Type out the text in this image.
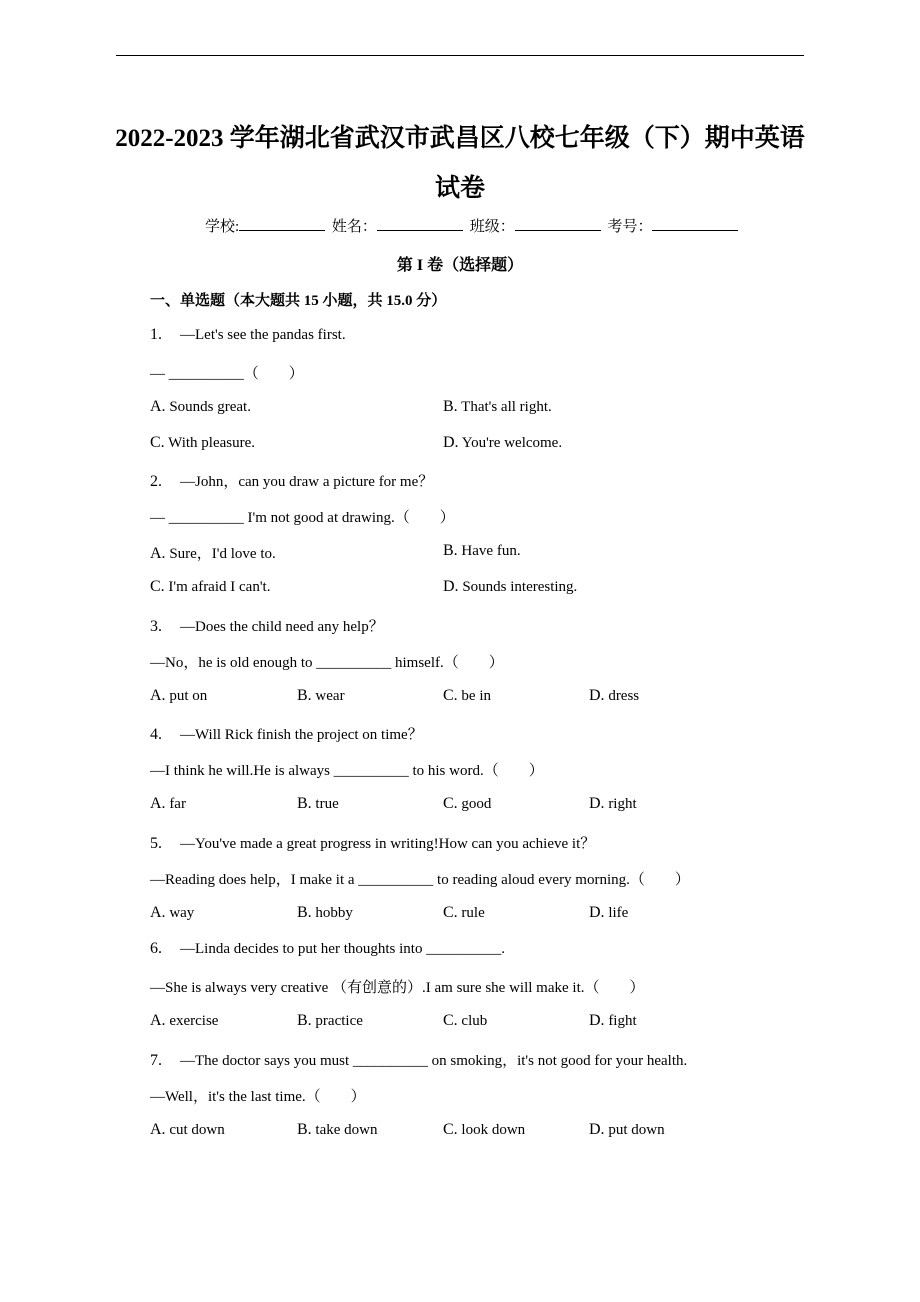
2022-2023 学年湖北省武汉市武昌区八校七年级（下）期中英语
试卷
学校:	姓名：	班级：	考号：
第 I 卷（选择题）
一、单选题（本大题共 15 小题，共 15.0 分）
1. —Let's see the pandas first.
— __________（　　）
A. Sounds great.	B. That's all right.
C. With pleasure.	D. You're welcome.
2. —John，can you draw a picture for me？
— __________ I'm not good at drawing.（　　）
A. Sure，I'd love to.	B. Have fun.
C. I'm afraid I can't.	D. Sounds interesting.
3. —Does the child need any help？
—No，he is old enough to __________ himself.（　　）
A. put on	B. wear	C. be in	D. dress
4. —Will Rick finish the project on time？
—I think he will.He is always __________ to his word.（　　）
A. far	B. true	C. good	D. right
5. —You've made a great progress in writing!How can you achieve it？
—Reading does help，I make it a __________ to reading aloud every morning.（　　）
A. way	B. hobby	C. rule	D. life
6. —Linda decides to put her thoughts into __________.
—She is always very creative （有创意的）.I am sure she will make it.（　　）
A. exercise	B. practice	C. club	D. fight
7. —The doctor says you must __________ on smoking，it's not good for your health.
—Well，it's the last time.（　　）
A. cut down	B. take down	C. look down	D. put down
